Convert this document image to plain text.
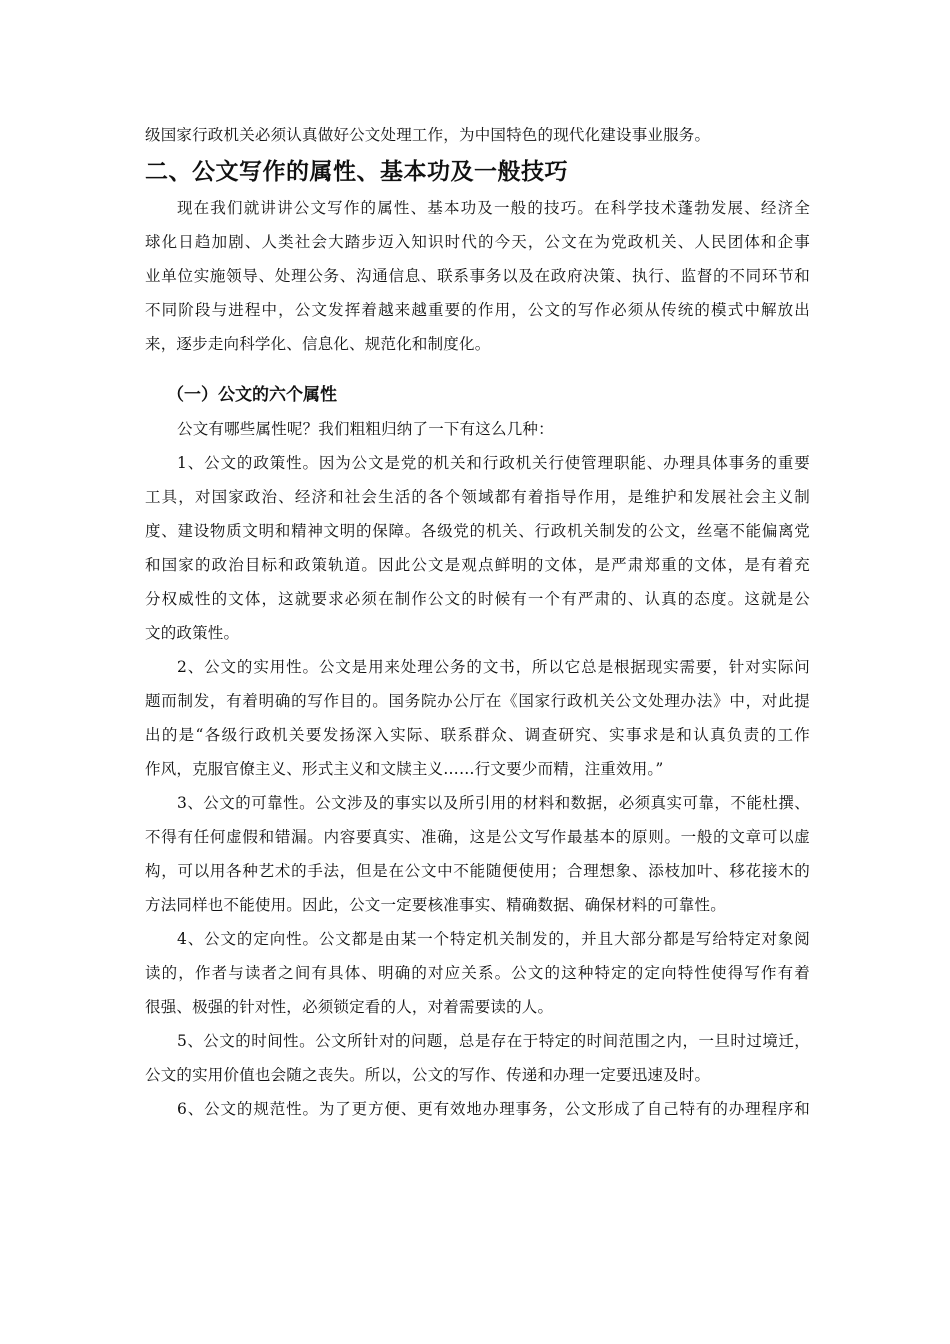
级国家行政机关必须认真做好公文处理工作，为中国特色的现代化建设事业服务。
二、公文写作的属性、基本功及一般技巧
现在我们就讲讲公文写作的属性、基本功及一般的技巧。在科学技术蓬勃发展、经济全
球化日趋加剧、人类社会大踏步迈入知识时代的今天，公文在为党政机关、人民团体和企事
业单位实施领导、处理公务、沟通信息、联系事务以及在政府决策、执行、监督的不同环节和
不同阶段与进程中，公文发挥着越来越重要的作用，公文的写作必须从传统的模式中解放出
来，逐步走向科学化、信息化、规范化和制度化。
（一）公文的六个属性
公文有哪些属性呢？我们粗粗归纳了一下有这么几种：
1、公文的政策性。因为公文是党的机关和行政机关行使管理职能、办理具体事务的重要
工具，对国家政治、经济和社会生活的各个领域都有着指导作用，是维护和发展社会主义制
度、建设物质文明和精神文明的保障。各级党的机关、行政机关制发的公文，丝毫不能偏离党
和国家的政治目标和政策轨道。因此公文是观点鲜明的文体，是严肃郑重的文体，是有着充
分权威性的文体，这就要求必须在制作公文的时候有一个有严肃的、认真的态度。这就是公
文的政策性。
2、公文的实用性。公文是用来处理公务的文书，所以它总是根据现实需要，针对实际问
题而制发，有着明确的写作目的。国务院办公厅在《国家行政机关公文处理办法》中，对此提
出的是“各级行政机关要发扬深入实际、联系群众、调查研究、实事求是和认真负责的工作
作风，克服官僚主义、形式主义和文牍主义……行文要少而精，注重效用。”
3、公文的可靠性。公文涉及的事实以及所引用的材料和数据，必须真实可靠，不能杜撰、
不得有任何虚假和错漏。内容要真实、准确，这是公文写作最基本的原则。一般的文章可以虚
构，可以用各种艺术的手法，但是在公文中不能随便使用；合理想象、添枝加叶、移花接木的
方法同样也不能使用。因此，公文一定要核准事实、精确数据、确保材料的可靠性。
4、公文的定向性。公文都是由某一个特定机关制发的，并且大部分都是写给特定对象阅
读的，作者与读者之间有具体、明确的对应关系。公文的这种特定的定向特性使得写作有着
很强、极强的针对性，必须锁定看的人，对着需要读的人。
5、公文的时间性。公文所针对的问题，总是存在于特定的时间范围之内，一旦时过境迁，
公文的实用价值也会随之丧失。所以，公文的写作、传递和办理一定要迅速及时。
6、公文的规范性。为了更方便、更有效地办理事务，公文形成了自己特有的办理程序和
